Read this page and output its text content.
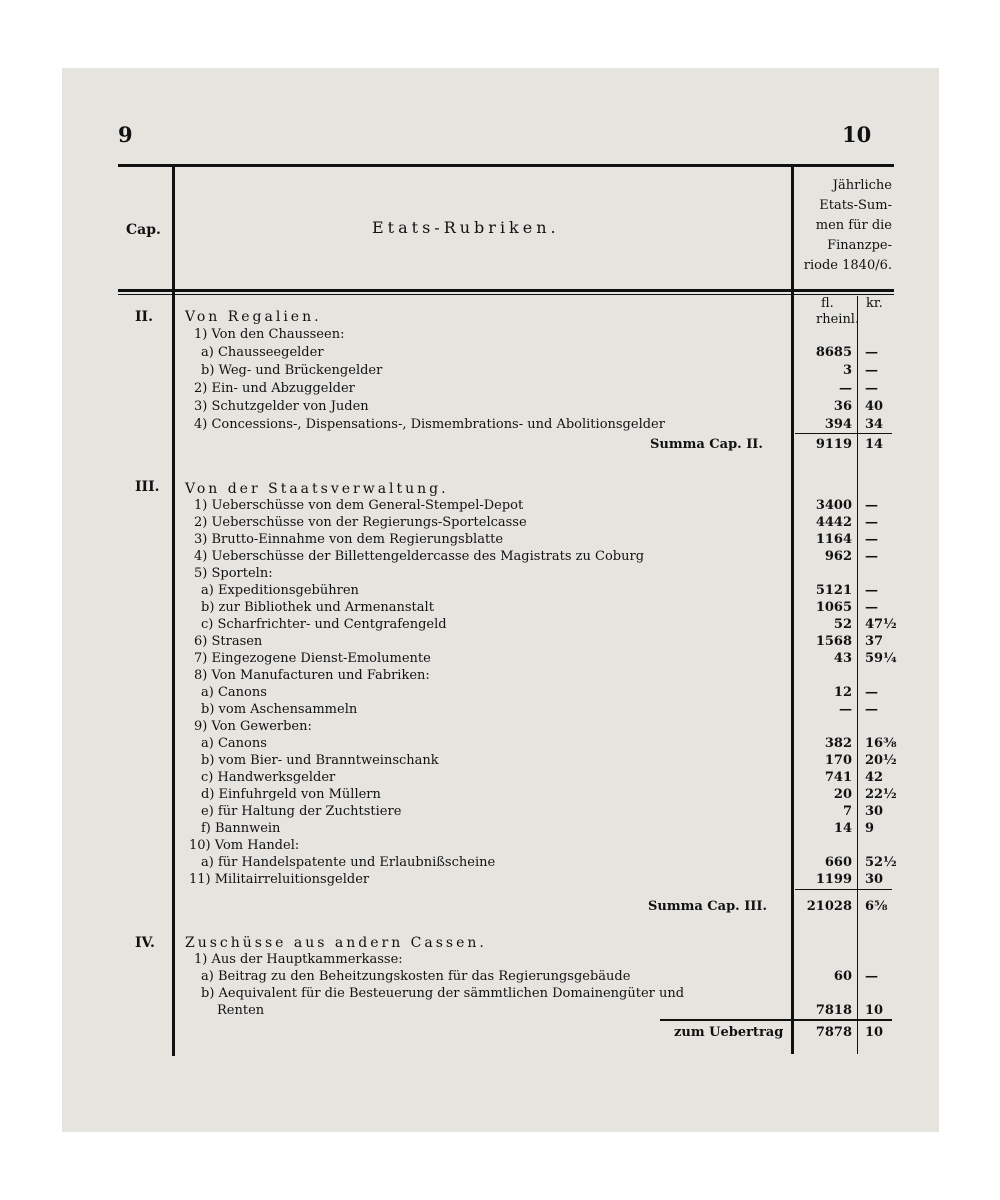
9	10
Cap.	Etats-Rubriken.
Jährliche
Etats-Sum-
men für die
Finanzpe-
riode 1840/6.
fl.
rheinl.
kr.
II. Von Regalien.
1) Von den Chausseen:
a) Chausseegelder	8685 —
b) Weg- und Brückengelder	3 —
2) Ein- und Abzuggelder	— —
3) Schutzgelder von Juden	36 40
4) Concessions-, Dispensations-, Dismembrations- und Abolitionsgelder	394 34
Summa Cap. II.	9119 14
III. Von der Staatsverwaltung.
1) Ueberschüsse von dem General-Stempel-Depot	3400 —
2) Ueberschüsse von der Regierungs-Sportelcasse	4442 —
3) Brutto-Einnahme von dem Regierungsblatte	1164 —
4) Ueberschüsse der Billettengeldercasse des Magistrats zu Coburg	962 —
5) Sporteln:
a) Expeditionsgebühren	5121 —
b) zur Bibliothek und Armenanstalt	1065 —
c) Scharfrichter- und Centgrafengeld	52 47½
6) Strasen	1568 37
7) Eingezogene Dienst-Emolumente	43 59¼
8) Von Manufacturen und Fabriken:
a) Canons	12 —
b) vom Aschensammeln	— —
9) Von Gewerben:
a) Canons	382 16⅜
b) vom Bier- und Branntweinschank	170 20½
c) Handwerksgelder	741 42
d) Einfuhrgeld von Müllern	20 22½
e) für Haltung der Zuchtstiere	7 30
f) Bannwein	14 9
10) Vom Handel:
a) für Handelspatente und Erlaubnißscheine	660 52½
11) Militairreluitionsgelder	1199 30
Summa Cap. III.	21028 6⅝
IV. Zuschüsse aus andern Cassen.
1) Aus der Hauptkammerkasse:
a) Beitrag zu den Beheitzungskosten für das Regierungsgebäude	60 —
b) Aequivalent für die Besteuerung der sämmtlichen Domainengüter und
Renten	7818 10
zum Uebertrag	7878 10
